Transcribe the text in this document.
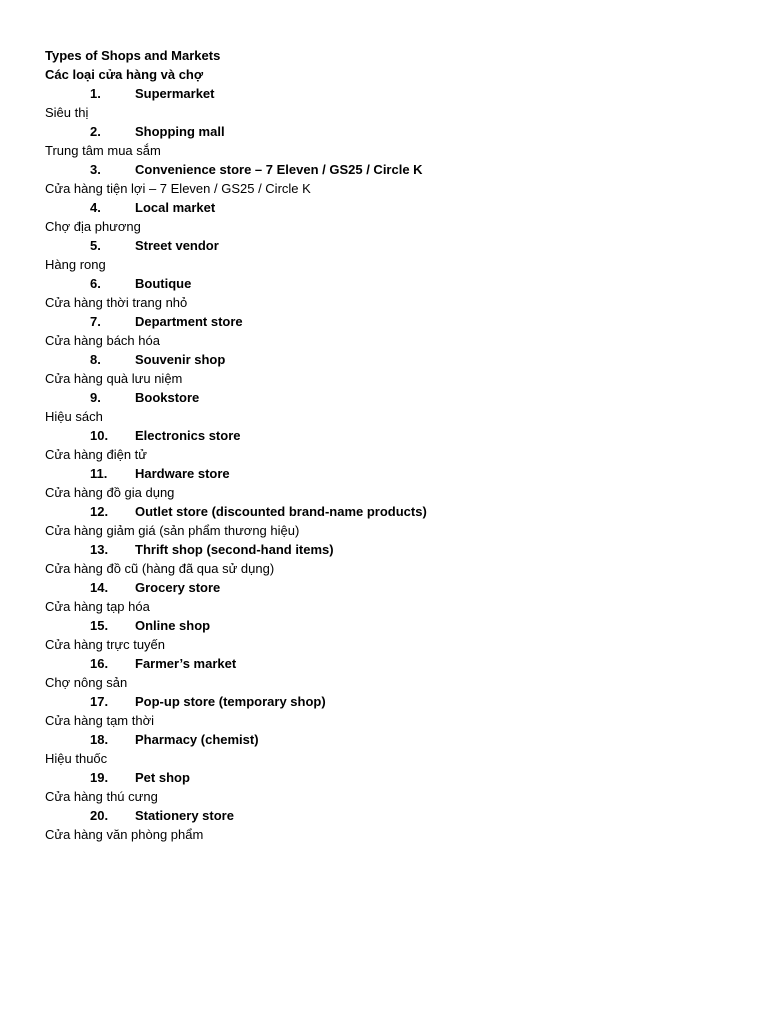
Types of Shops and Markets
Các loại cửa hàng và chợ
1.	Supermarket
Siêu thị
2.	Shopping mall
Trung tâm mua sắm
3.	Convenience store – 7 Eleven / GS25 / Circle K
Cửa hàng tiện lợi – 7 Eleven / GS25 / Circle K
4.	Local market
Chợ địa phương
5.	Street vendor
Hàng rong
6.	Boutique
Cửa hàng thời trang nhỏ
7.	Department store
Cửa hàng bách hóa
8.	Souvenir shop
Cửa hàng quà lưu niệm
9.	Bookstore
Hiệu sách
10. Electronics store
Cửa hàng điện tử
11. Hardware store
Cửa hàng đồ gia dụng
12. Outlet store (discounted brand-name products)
Cửa hàng giảm giá (sản phẩm thương hiệu)
13. Thrift shop (second-hand items)
Cửa hàng đồ cũ (hàng đã qua sử dụng)
14. Grocery store
Cửa hàng tạp hóa
15. Online shop
Cửa hàng trực tuyến
16. Farmer’s market
Chợ nông sản
17. Pop-up store (temporary shop)
Cửa hàng tạm thời
18. Pharmacy (chemist)
Hiệu thuốc
19. Pet shop
Cửa hàng thú cưng
20. Stationery store
Cửa hàng văn phòng phẩm
